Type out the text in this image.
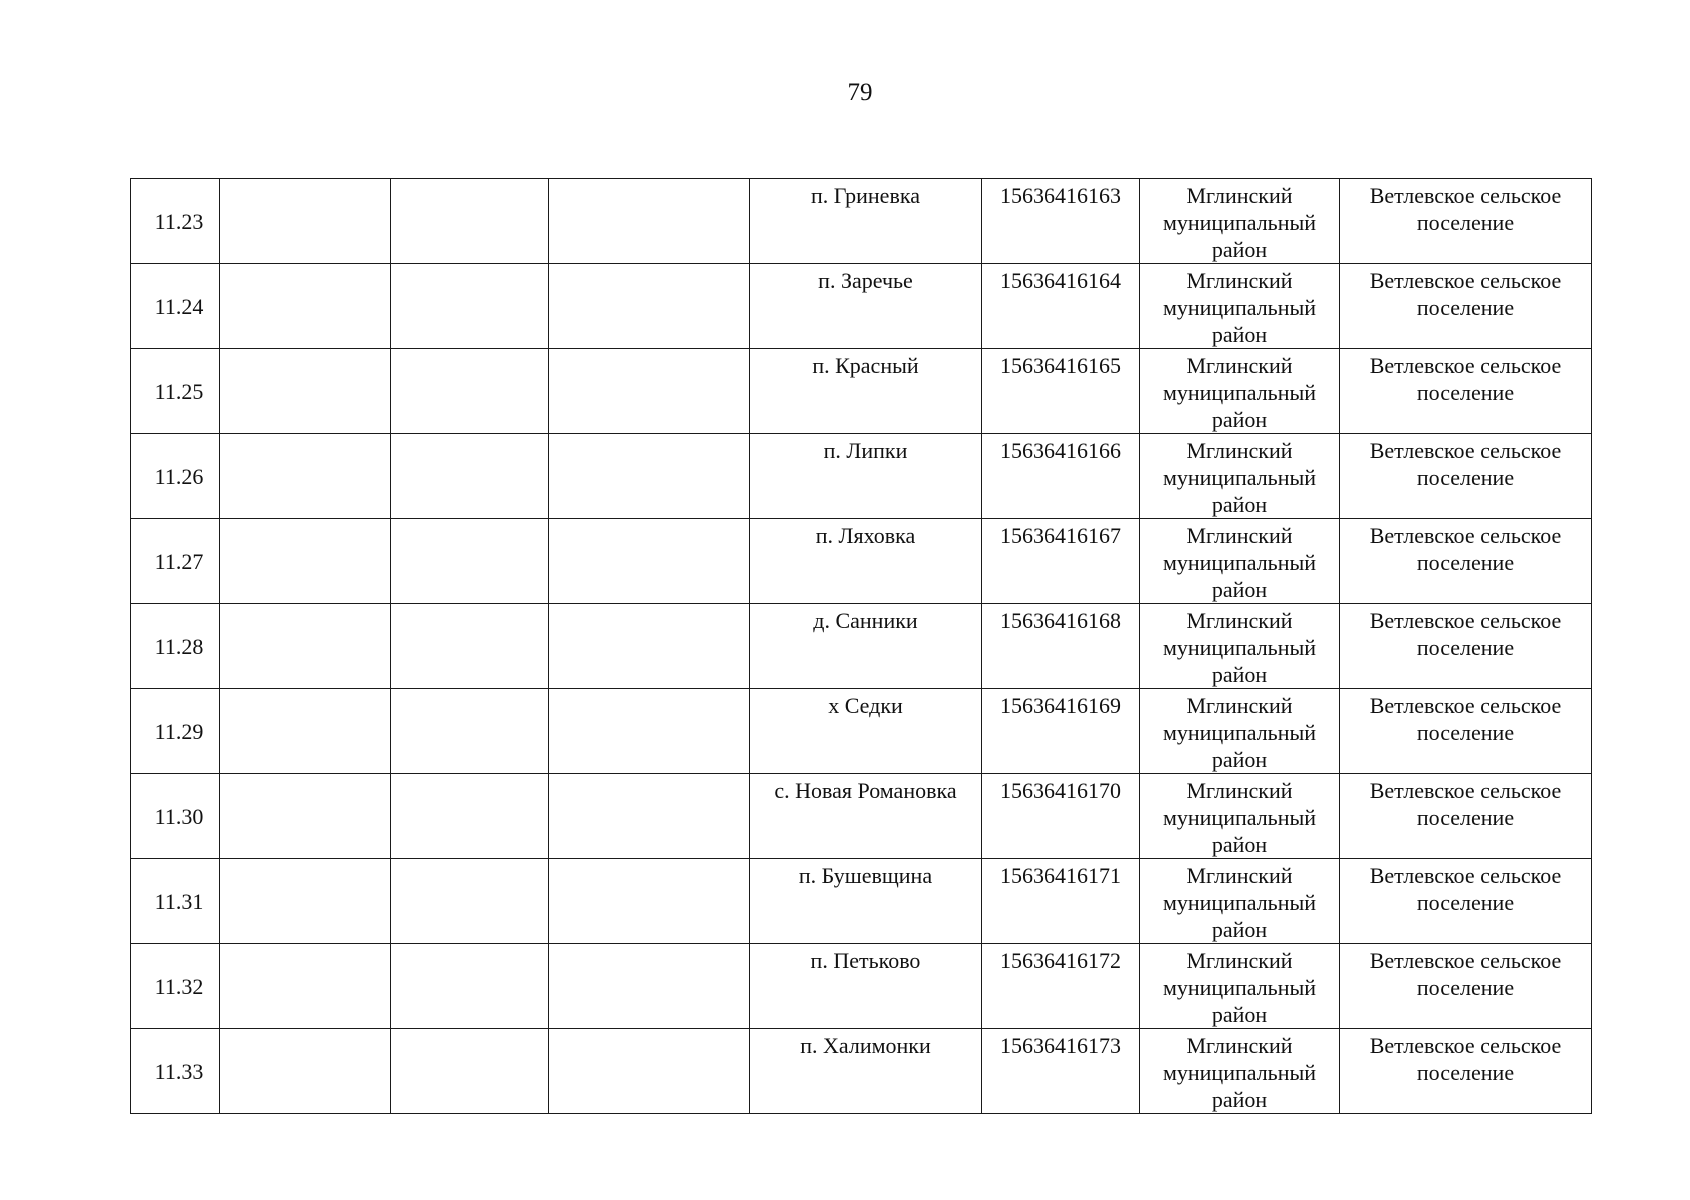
79
11.23				п. Гриневка	15636416163	Мглинский муниципальный район	Ветлевское сельское поселение
11.24				п. Заречье	15636416164	Мглинский муниципальный район	Ветлевское сельское поселение
11.25				п. Красный	15636416165	Мглинский муниципальный район	Ветлевское сельское поселение
11.26				п. Липки	15636416166	Мглинский муниципальный район	Ветлевское сельское поселение
11.27				п. Ляховка	15636416167	Мглинский муниципальный район	Ветлевское сельское поселение
11.28				д. Санники	15636416168	Мглинский муниципальный район	Ветлевское сельское поселение
11.29				х Седки	15636416169	Мглинский муниципальный район	Ветлевское сельское поселение
11.30				с. Новая Романовка	15636416170	Мглинский муниципальный район	Ветлевское сельское поселение
11.31				п. Бушевщина	15636416171	Мглинский муниципальный район	Ветлевское сельское поселение
11.32				п. Петьково	15636416172	Мглинский муниципальный район	Ветлевское сельское поселение
11.33				п. Халимонки	15636416173	Мглинский муниципальный район	Ветлевское сельское поселение
